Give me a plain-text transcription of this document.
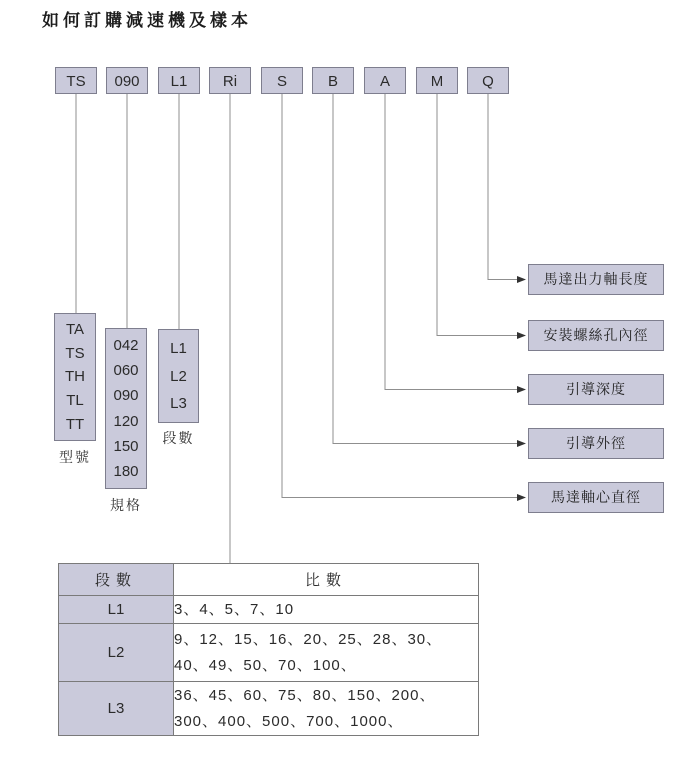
如何訂購減速機及樣本
TS	090	L1	Ri	S	B	A	M	Q
TA
TS
TH
TL
TT
型號
042
060
090
120
150
180
規格
L1
L2
L3
段數
馬達出力軸長度
安裝螺絲孔內徑
引導深度
引導外徑
馬達軸心直徑
段數	比數
L1	3、4、5、7、10

L2	9、12、15、16、20、25、28、30、
40、49、50、70、100、

L3	36、45、60、75、80、150、200、
300、400、500、700、1000、
